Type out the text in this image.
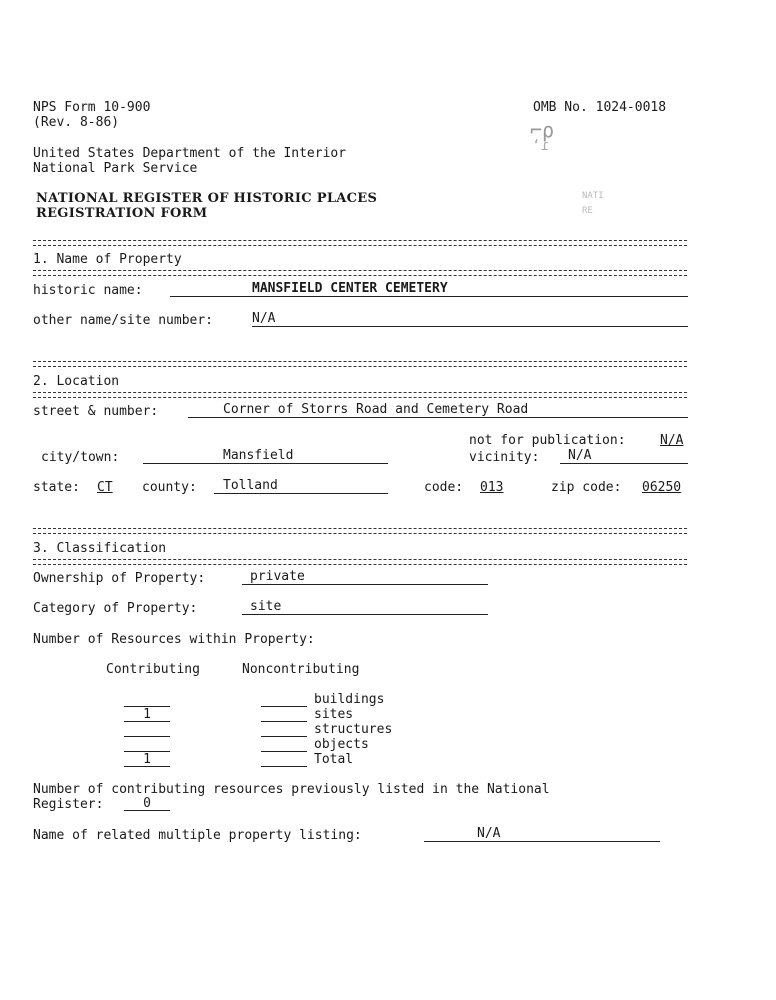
NPS Form 10-900
(Rev. 8-86)
OMB No. 1024-0018
⌐ρ
‘ɾ
United States Department of the Interior
National Park Service
NATIONAL REGISTER OF HISTORIC PLACES
REGISTRATION FORM
NATI
RE
1. Name of Property
historic name:	MANSFIELD CENTER CEMETERY
other name/site number:	N/A
2. Location
street & number:	Corner of Storrs Road and Cemetery Road
not for publication:	N/A
city/town:	Mansfield	vicinity: N/A
state: CT county: Tolland	code: 013	zip code: 06250
3. Classification
Ownership of Property:	private
Category of Property:	site
Number of Resources within Property:
Contributing	Noncontributing
buildings
1	sites
structures
objects
1	Total
Number of contributing resources previously listed in the National
Register:	0
Name of related multiple property listing:	N/A
